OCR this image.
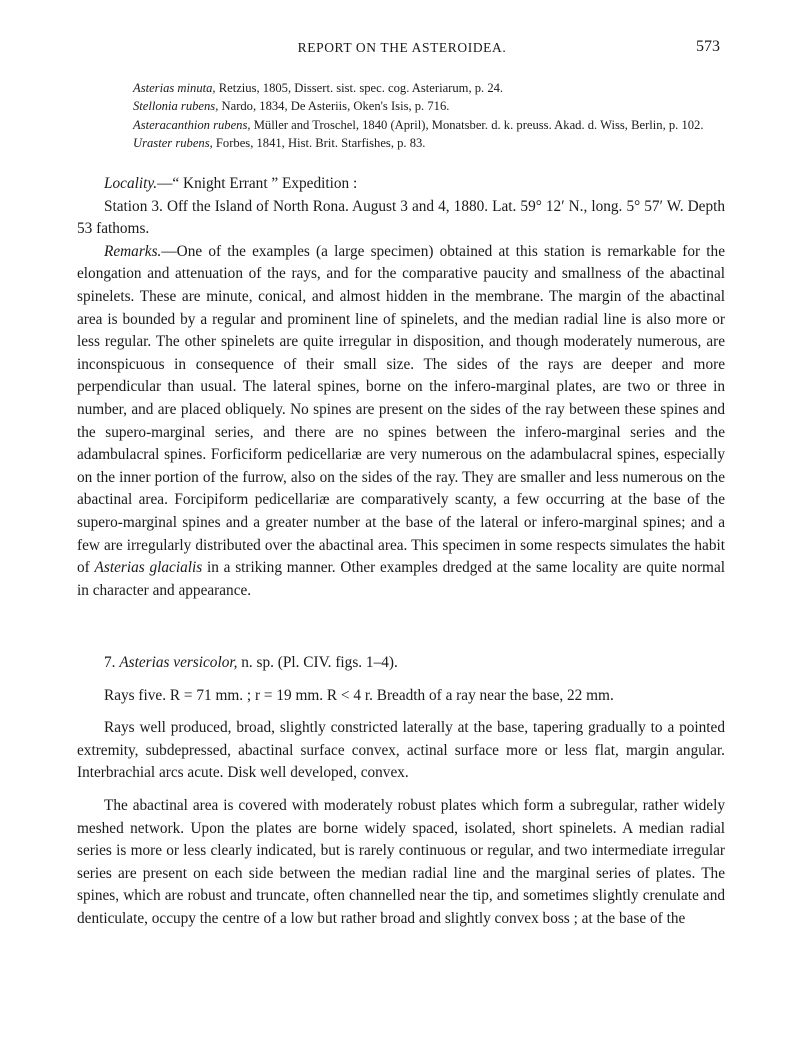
REPORT ON THE ASTEROIDEA.	573

Asterias minuta, Retzius, 1805, Dissert. sist. spec. cog. Asteriarum, p. 24.

Stellonia rubens, Nardo, 1834, De Asteriis, Oken's Isis, p. 716.

Asteracanthion rubens, Müller and Troschel, 1840 (April), Monatsber. d. k. preuss. Akad. d. Wiss, Berlin, p. 102.

Uraster rubens, Forbes, 1841, Hist. Brit. Starfishes, p. 83.

Locality.—“ Knight Errant ” Expedition :

Station 3. Off the Island of North Rona. August 3 and 4, 1880. Lat. 59° 12′ N., long. 5° 57′ W. Depth 53 fathoms.

Remarks.—One of the examples (a large specimen) obtained at this station is remarkable for the elongation and attenuation of the rays, and for the comparative paucity and smallness of the abactinal spinelets. These are minute, conical, and almost hidden in the membrane. The margin of the abactinal area is bounded by a regular and prominent line of spinelets, and the median radial line is also more or less regular. The other spinelets are quite irregular in disposition, and though moderately numerous, are inconspicuous in consequence of their small size. The sides of the rays are deeper and more perpendicular than usual. The lateral spines, borne on the infero-marginal plates, are two or three in number, and are placed obliquely. No spines are present on the sides of the ray between these spines and the supero-marginal series, and there are no spines between the infero-marginal series and the adambulacral spines. Forficiform pedicellariæ are very numerous on the adambulacral spines, especially on the inner portion of the furrow, also on the sides of the ray. They are smaller and less numerous on the abactinal area. Forcipiform pedicellariæ are comparatively scanty, a few occurring at the base of the supero-marginal spines and a greater number at the base of the lateral or infero-marginal spines; and a few are irregularly distributed over the abactinal area. This specimen in some respects simulates the habit of Asterias glacialis in a striking manner. Other examples dredged at the same locality are quite normal in character and appearance.

7. Asterias versicolor, n. sp. (Pl. CIV. figs. 1–4).

Rays five. R = 71 mm. ; r = 19 mm. R < 4 r. Breadth of a ray near the base, 22 mm.

Rays well produced, broad, slightly constricted laterally at the base, tapering gradually to a pointed extremity, subdepressed, abactinal surface convex, actinal surface more or less flat, margin angular. Interbrachial arcs acute. Disk well developed, convex.

The abactinal area is covered with moderately robust plates which form a subregular, rather widely meshed network. Upon the plates are borne widely spaced, isolated, short spinelets. A median radial series is more or less clearly indicated, but is rarely continuous or regular, and two intermediate irregular series are present on each side between the median radial line and the marginal series of plates. The spines, which are robust and truncate, often channelled near the tip, and sometimes slightly crenulate and denticulate, occupy the centre of a low but rather broad and slightly convex boss ; at the base of the
